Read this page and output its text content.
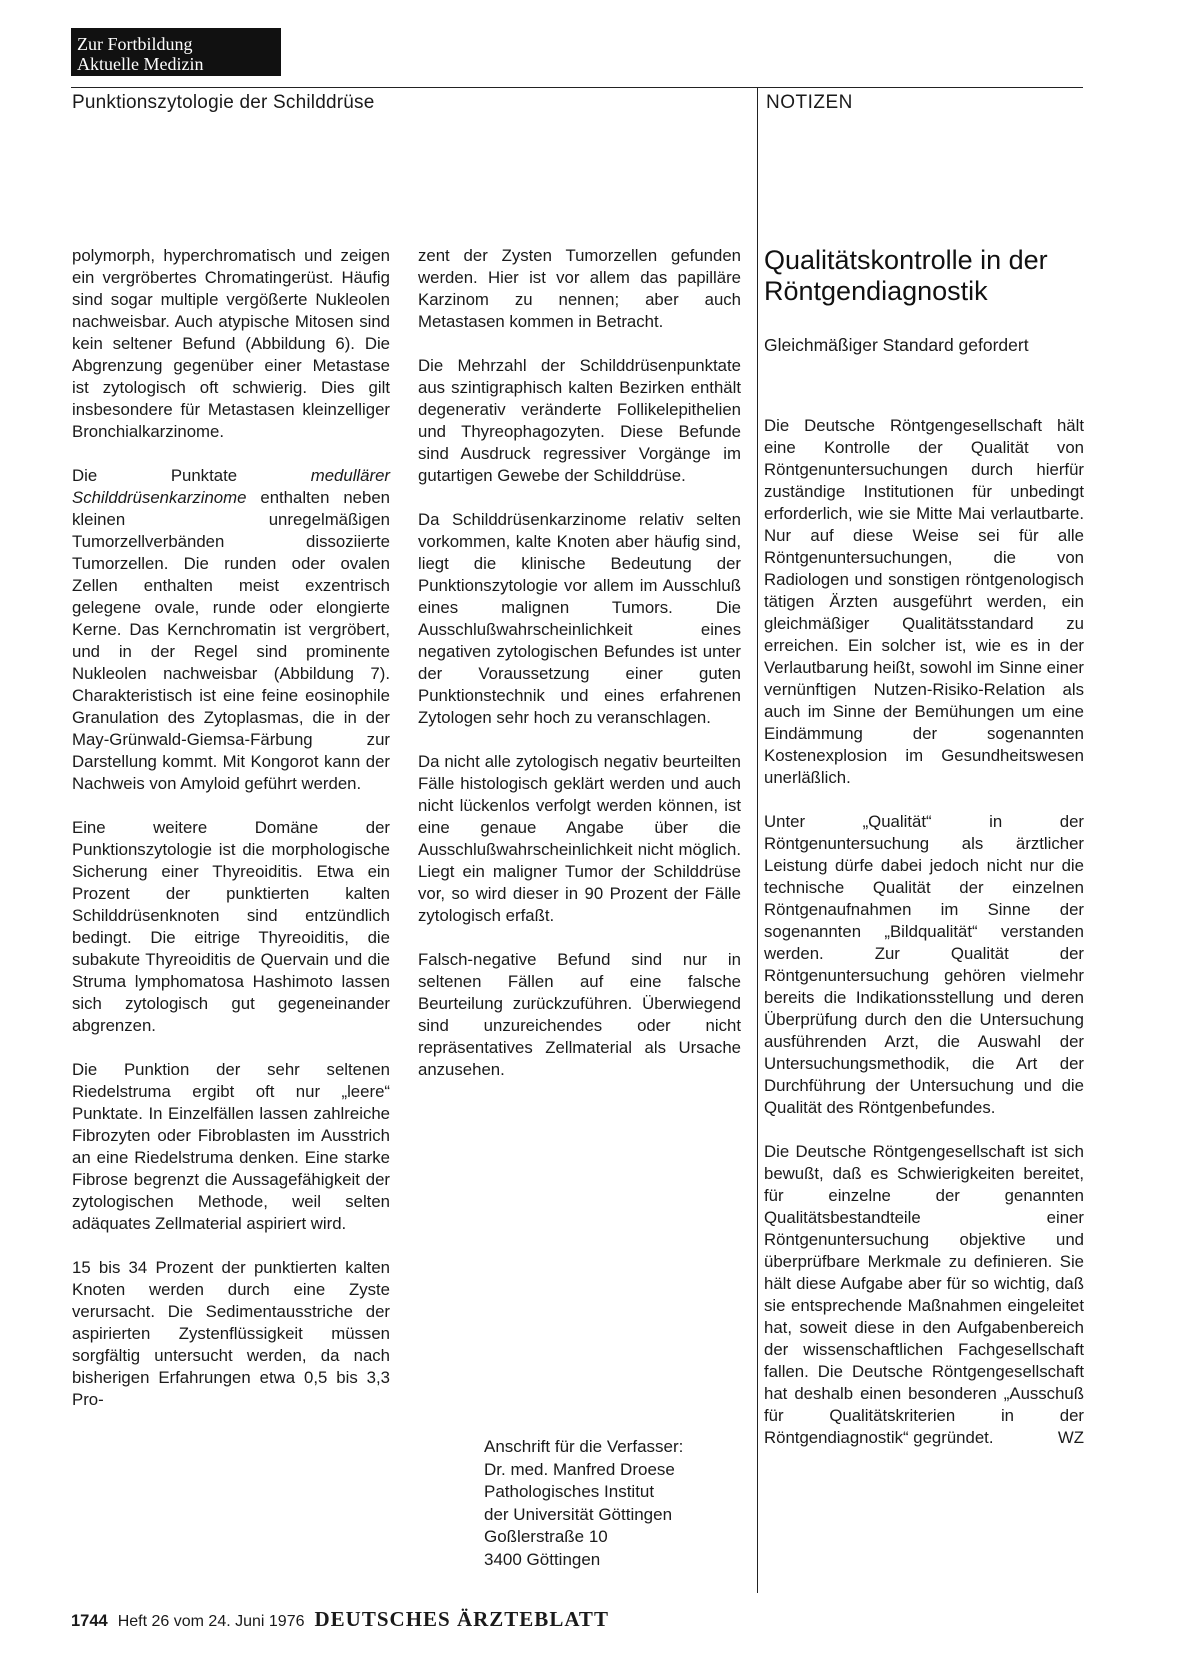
Zur Fortbildung
Aktuelle Medizin
Punktionszytologie der Schilddrüse	NOTIZEN

polymorph, hyperchromatisch und zeigen ein vergröbertes Chromatingerüst. Häufig sind sogar multiple vergößerte Nukleolen nachweisbar. Auch atypische Mitosen sind kein seltener Befund (Abbildung 6). Die Abgrenzung gegenüber einer Metastase ist zytologisch oft schwierig. Dies gilt insbesondere für Metastasen kleinzelliger Bronchialkarzinome.

Die Punktate medullärer Schilddrüsenkarzinome enthalten neben kleinen unregelmäßigen Tumorzellverbänden dissoziierte Tumorzellen. Die runden oder ovalen Zellen enthalten meist exzentrisch gelegene ovale, runde oder elongierte Kerne. Das Kernchromatin ist vergröbert, und in der Regel sind prominente Nukleolen nachweisbar (Abbildung 7). Charakteristisch ist eine feine eosinophile Granulation des Zytoplasmas, die in der May-Grünwald-Giemsa-Färbung zur Darstellung kommt. Mit Kongorot kann der Nachweis von Amyloid geführt werden.

Eine weitere Domäne der Punktionszytologie ist die morphologische Sicherung einer Thyreoiditis. Etwa ein Prozent der punktierten kalten Schilddrüsenknoten sind entzündlich bedingt. Die eitrige Thyreoiditis, die subakute Thyreoiditis de Quervain und die Struma lymphomatosa Hashimoto lassen sich zytologisch gut gegeneinander abgrenzen.

Die Punktion der sehr seltenen Riedelstruma ergibt oft nur „leere“ Punktate. In Einzelfällen lassen zahlreiche Fibrozyten oder Fibroblasten im Ausstrich an eine Riedelstruma denken. Eine starke Fibrose begrenzt die Aussagefähigkeit der zytologischen Methode, weil selten adäquates Zellmaterial aspiriert wird.

15 bis 34 Prozent der punktierten kalten Knoten werden durch eine Zyste verursacht. Die Sedimentausstriche der aspirierten Zystenflüssigkeit müssen sorgfältig untersucht werden, da nach bisherigen Erfahrungen etwa 0,5 bis 3,3 Pro-

zent der Zysten Tumorzellen gefunden werden. Hier ist vor allem das papilläre Karzinom zu nennen; aber auch Metastasen kommen in Betracht.

Die Mehrzahl der Schilddrüsenpunktate aus szintigraphisch kalten Bezirken enthält degenerativ veränderte Follikelepithelien und Thyreophagozyten. Diese Befunde sind Ausdruck regressiver Vorgänge im gutartigen Gewebe der Schilddrüse.

Da Schilddrüsenkarzinome relativ selten vorkommen, kalte Knoten aber häufig sind, liegt die klinische Bedeutung der Punktionszytologie vor allem im Ausschluß eines malignen Tumors. Die Ausschlußwahrscheinlichkeit eines negativen zytologischen Befundes ist unter der Voraussetzung einer guten Punktionstechnik und eines erfahrenen Zytologen sehr hoch zu veranschlagen.

Da nicht alle zytologisch negativ beurteilten Fälle histologisch geklärt werden und auch nicht lückenlos verfolgt werden können, ist eine genaue Angabe über die Ausschlußwahrscheinlichkeit nicht möglich. Liegt ein maligner Tumor der Schilddrüse vor, so wird dieser in 90 Prozent der Fälle zytologisch erfaßt.

Falsch-negative Befund sind nur in seltenen Fällen auf eine falsche Beurteilung zurückzuführen. Überwiegend sind unzureichendes oder nicht repräsentatives Zellmaterial als Ursache anzusehen.

Anschrift für die Verfasser:
Dr. med. Manfred Droese
Pathologisches Institut
der Universität Göttingen
Goßlerstraße 10
3400 Göttingen
Qualitätskontrolle in der Röntgendiagnostik
Gleichmäßiger Standard gefordert

Die Deutsche Röntgengesellschaft hält eine Kontrolle der Qualität von Röntgenuntersuchungen durch hierfür zuständige Institutionen für unbedingt erforderlich, wie sie Mitte Mai verlautbarte. Nur auf diese Weise sei für alle Röntgenuntersuchungen, die von Radiologen und sonstigen röntgenologisch tätigen Ärzten ausgeführt werden, ein gleichmäßiger Qualitätsstandard zu erreichen. Ein solcher ist, wie es in der Verlautbarung heißt, sowohl im Sinne einer vernünftigen Nutzen-Risiko-Relation als auch im Sinne der Bemühungen um eine Eindämmung der sogenannten Kostenexplosion im Gesundheitswesen unerläßlich.

Unter „Qualität“ in der Röntgenuntersuchung als ärztlicher Leistung dürfe dabei jedoch nicht nur die technische Qualität der einzelnen Röntgenaufnahmen im Sinne der sogenannten „Bildqualität“ verstanden werden. Zur Qualität der Röntgenuntersuchung gehören vielmehr bereits die Indikationsstellung und deren Überprüfung durch den die Untersuchung ausführenden Arzt, die Auswahl der Untersuchungsmethodik, die Art der Durchführung der Untersuchung und die Qualität des Röntgenbefundes.

Die Deutsche Röntgengesellschaft ist sich bewußt, daß es Schwierigkeiten bereitet, für einzelne der genannten Qualitätsbestandteile einer Röntgenuntersuchung objektive und überprüfbare Merkmale zu definieren. Sie hält diese Aufgabe aber für so wichtig, daß sie entsprechende Maßnahmen eingeleitet hat, soweit diese in den Aufgabenbereich der wissenschaftlichen Fachgesellschaft fallen. Die Deutsche Röntgengesellschaft hat deshalb einen besonderen „Ausschuß für Qualitätskriterien in der Röntgendiagnostik“ gegründet.	WZ

1744 Heft 26 vom 24. Juni 1976 DEUTSCHES ÄRZTEBLATT
